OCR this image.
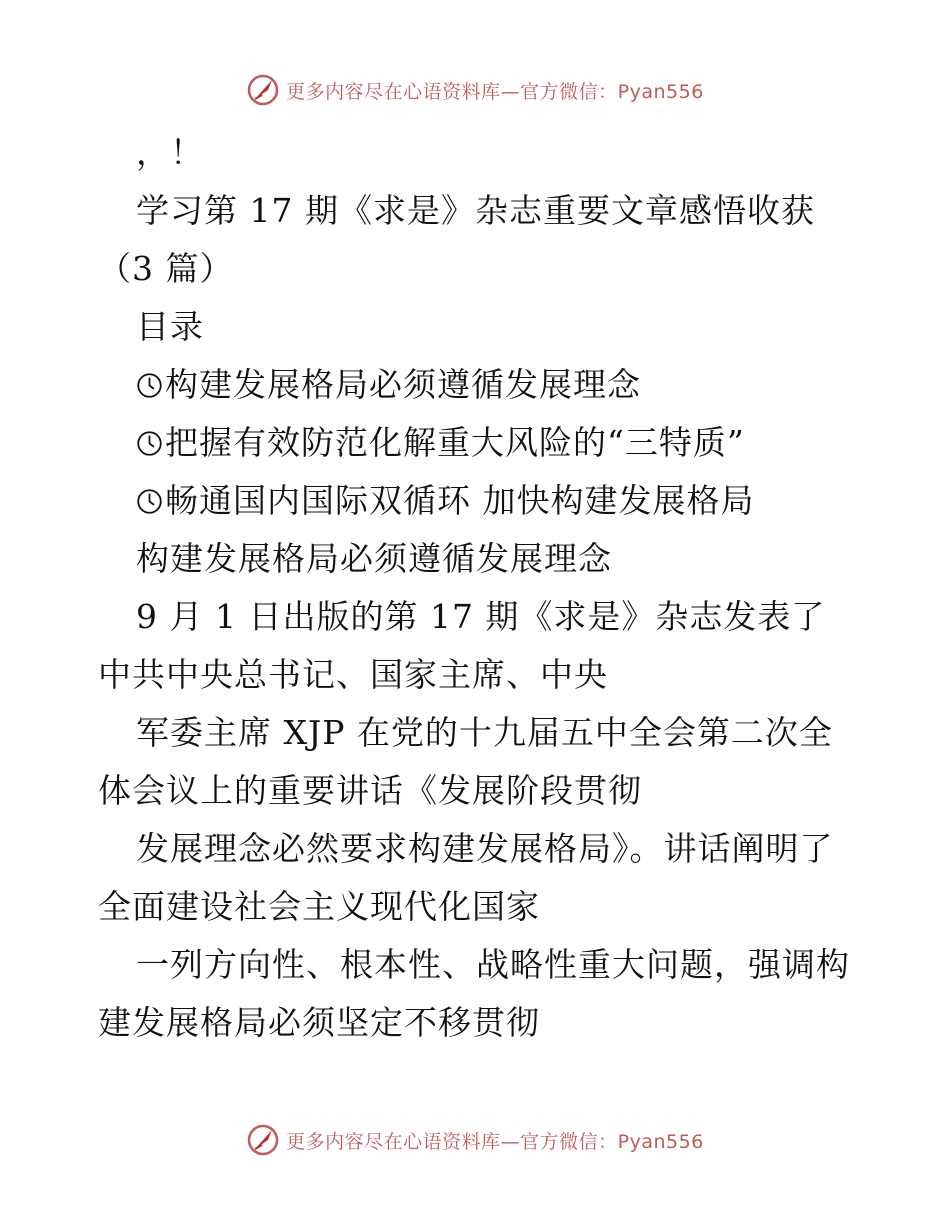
更多内容尽在心语资料库—官方微信：Pyan556
，！
学习第 17 期《求是》杂志重要文章感悟收获
（3 篇）
目录
构建发展格局必须遵循发展理念
把握有效防范化解重大风险的“三特质”
畅通国内国际双循环 加快构建发展格局
构建发展格局必须遵循发展理念
9 月 1 日出版的第 17 期《求是》杂志发表了
中共中央总书记、国家主席、中央
军委主席 XJP 在党的十九届五中全会第二次全
体会议上的重要讲话《发展阶段贯彻
发展理念必然要求构建发展格局》。讲话阐明了
全面建设社会主义现代化国家
一列方向性、根本性、战略性重大问题，强调构
建发展格局必须坚定不移贯彻
更多内容尽在心语资料库—官方微信：Pyan556
